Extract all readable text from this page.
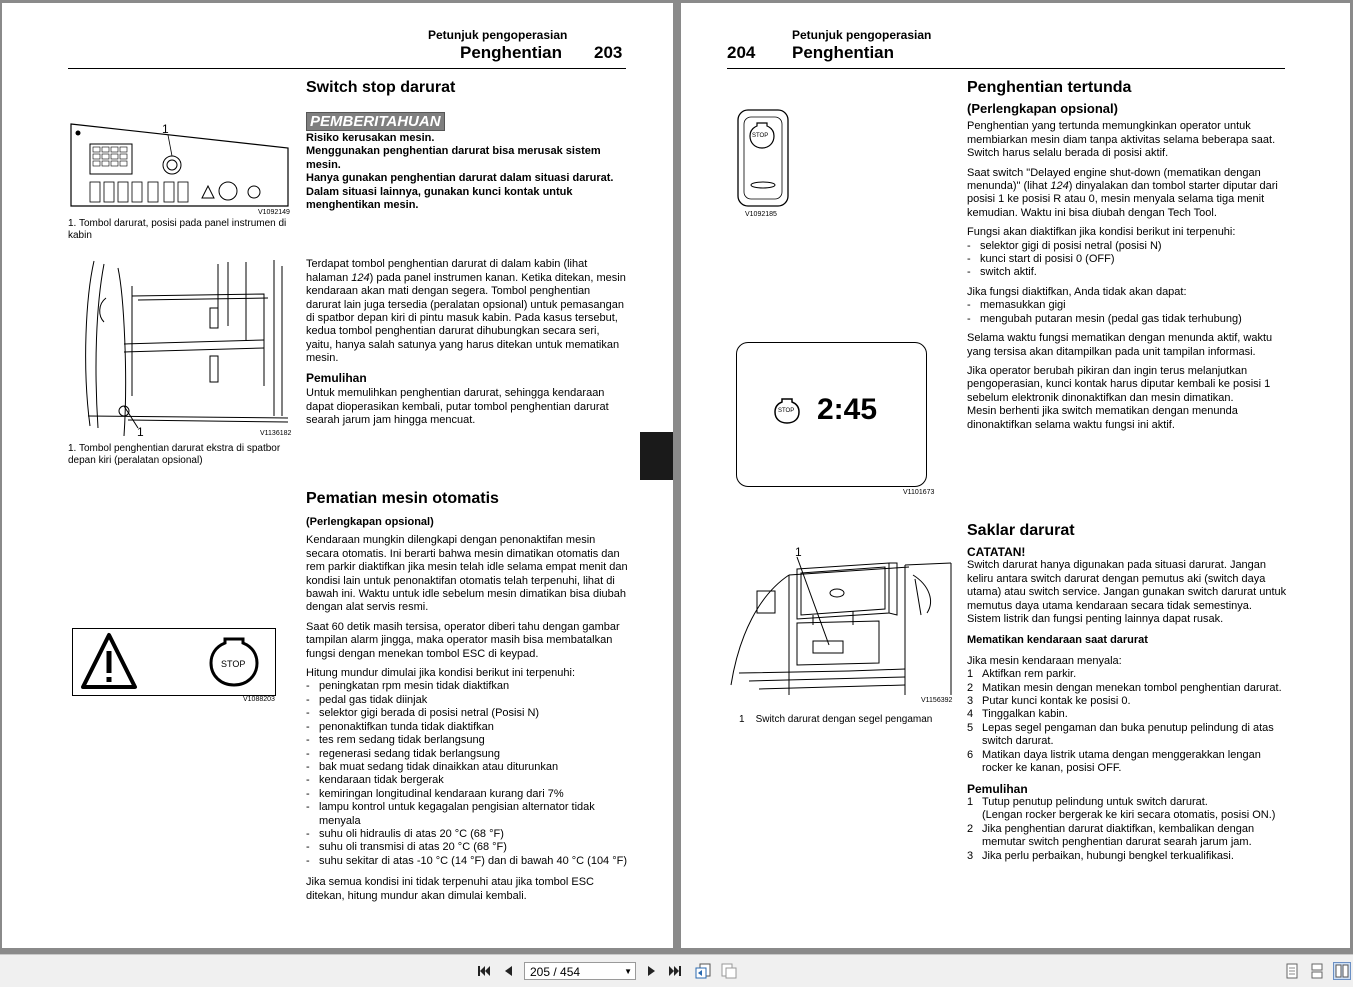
Petunjuk pengoperasian
Penghentian 203
1
V1092149
1. Tombol darurat, posisi pada panel instrumen di kabin
1	V1136182
1. Tombol penghentian darurat ekstra di spatbor depan kiri (peralatan opsional)
STOP
V1088203
Switch stop darurat
PEMBERITAHUAN
Risiko kerusakan mesin.
Menggunakan penghentian darurat bisa merusak sistem mesin.
Hanya gunakan penghentian darurat dalam situasi darurat.
Dalam situasi lainnya, gunakan kunci kontak untuk menghentikan mesin.

Terdapat tombol penghentian darurat di dalam kabin (lihat halaman 124) pada panel instrumen kanan. Ketika ditekan, mesin kendaraan akan mati dengan segera. Tombol penghentian darurat lain juga tersedia (peralatan opsional) untuk pemasangan di spatbor depan kiri di pintu masuk kabin. Pada kasus tersebut, kedua tombol penghentian darurat dihubungkan secara seri, yaitu, hanya salah satunya yang harus ditekan untuk mematikan mesin.

Pemulihan

Untuk memulihkan penghentian darurat, sehingga kendaraan dapat dioperasikan kembali, putar tombol penghentian darurat searah jarum jam hingga mencuat.

Pematian mesin otomatis

(Perlengkapan opsional)

Kendaraan mungkin dilengkapi dengan penonaktifan mesin secara otomatis. Ini berarti bahwa mesin dimatikan otomatis dan rem parkir diaktifkan jika mesin telah idle selama empat menit dan kondisi lain untuk penonaktifan otomatis telah terpenuhi, lihat di bawah ini. Waktu untuk idle sebelum mesin dimatikan bisa diubah dengan alat servis resmi.

Saat 60 detik masih tersisa, operator diberi tahu dengan gambar tampilan alarm jingga, maka operator masih bisa membatalkan fungsi dengan menekan tombol ESC di keypad.

Hitung mundur dimulai jika kondisi berikut ini terpenuhi:

- peningkatan rpm mesin tidak diaktifkan
- pedal gas tidak diinjak
- selektor gigi berada di posisi netral (Posisi N)
- penonaktifkan tunda tidak diaktifkan
- tes rem sedang tidak berlangsung
- regenerasi sedang tidak berlangsung
- bak muat sedang tidak dinaikkan atau diturunkan
- kendaraan tidak bergerak
- kemiringan longitudinal kendaraan kurang dari 7%
- lampu kontrol untuk kegagalan pengisian alternator tidak menyala
- suhu oli hidraulis di atas 20 °C (68 °F)
- suhu oli transmisi di atas 20 °C (68 °F)
- suhu sekitar di atas -10 °C (14 °F) dan di bawah 40 °C (104 °F)

Jika semua kondisi ini tidak terpenuhi atau jika tombol ESC ditekan, hitung mundur akan dimulai kembali.

204
Petunjuk pengoperasian
Penghentian
STOP
V1092185
STOP 2:45
V1101673
1
V1156392
1 Switch darurat dengan segel pengaman
Penghentian tertunda
(Perlengkapan opsional)

Penghentian yang tertunda memungkinkan operator untuk membiarkan mesin diam tanpa aktivitas selama beberapa saat. Switch harus selalu berada di posisi aktif.

Saat switch "Delayed engine shut-down (mematikan dengan menunda)" (lihat 124) dinyalakan dan tombol starter diputar dari posisi 1 ke posisi R atau 0, mesin menyala selama tiga menit kemudian. Waktu ini bisa diubah dengan Tech Tool.

Fungsi akan diaktifkan jika kondisi berikut ini terpenuhi:

- selektor gigi di posisi netral (posisi N)
- kunci start di posisi 0 (OFF)
- switch aktif.

Jika fungsi diaktifkan, Anda tidak akan dapat:

- memasukkan gigi
- mengubah putaran mesin (pedal gas tidak terhubung)

Selama waktu fungsi mematikan dengan menunda aktif, waktu yang tersisa akan ditampilkan pada unit tampilan informasi.

Jika operator berubah pikiran dan ingin terus melanjutkan pengoperasian, kunci kontak harus diputar kembali ke posisi 1 sebelum elektronik dinonaktifkan dan mesin dimatikan.

Mesin berhenti jika switch mematikan dengan menunda dinonaktifkan selama waktu fungsi ini aktif.

Saklar darurat
CATATAN!

Switch darurat hanya digunakan pada situasi darurat. Jangan keliru antara switch darurat dengan pemutus aki (switch daya utama) atau switch service. Jangan gunakan switch darurat untuk memutus daya utama kendaraan secara tidak semestinya. Sistem listrik dan fungsi penting lainnya dapat rusak.

Mematikan kendaraan saat darurat

Jika mesin kendaraan menyala:

1 Aktifkan rem parkir.
2 Matikan mesin dengan menekan tombol penghentian darurat.
3 Putar kunci kontak ke posisi 0.
4 Tinggalkan kabin.
5 Lepas segel pengaman dan buka penutup pelindung di atas switch darurat.
6 Matikan daya listrik utama dengan menggerakkan lengan rocker ke kanan, posisi OFF.
Pemulihan
1 Tutup penutup pelindung untuk switch darurat.
(Lengan rocker bergerak ke kiri secara otomatis, posisi ON.)
2 Jika penghentian darurat diaktifkan, kembalikan dengan memutar switch penghentian darurat searah jarum jam.
3 Jika perlu perbaikan, hubungi bengkel terkualifikasi.
205 / 454	▼
